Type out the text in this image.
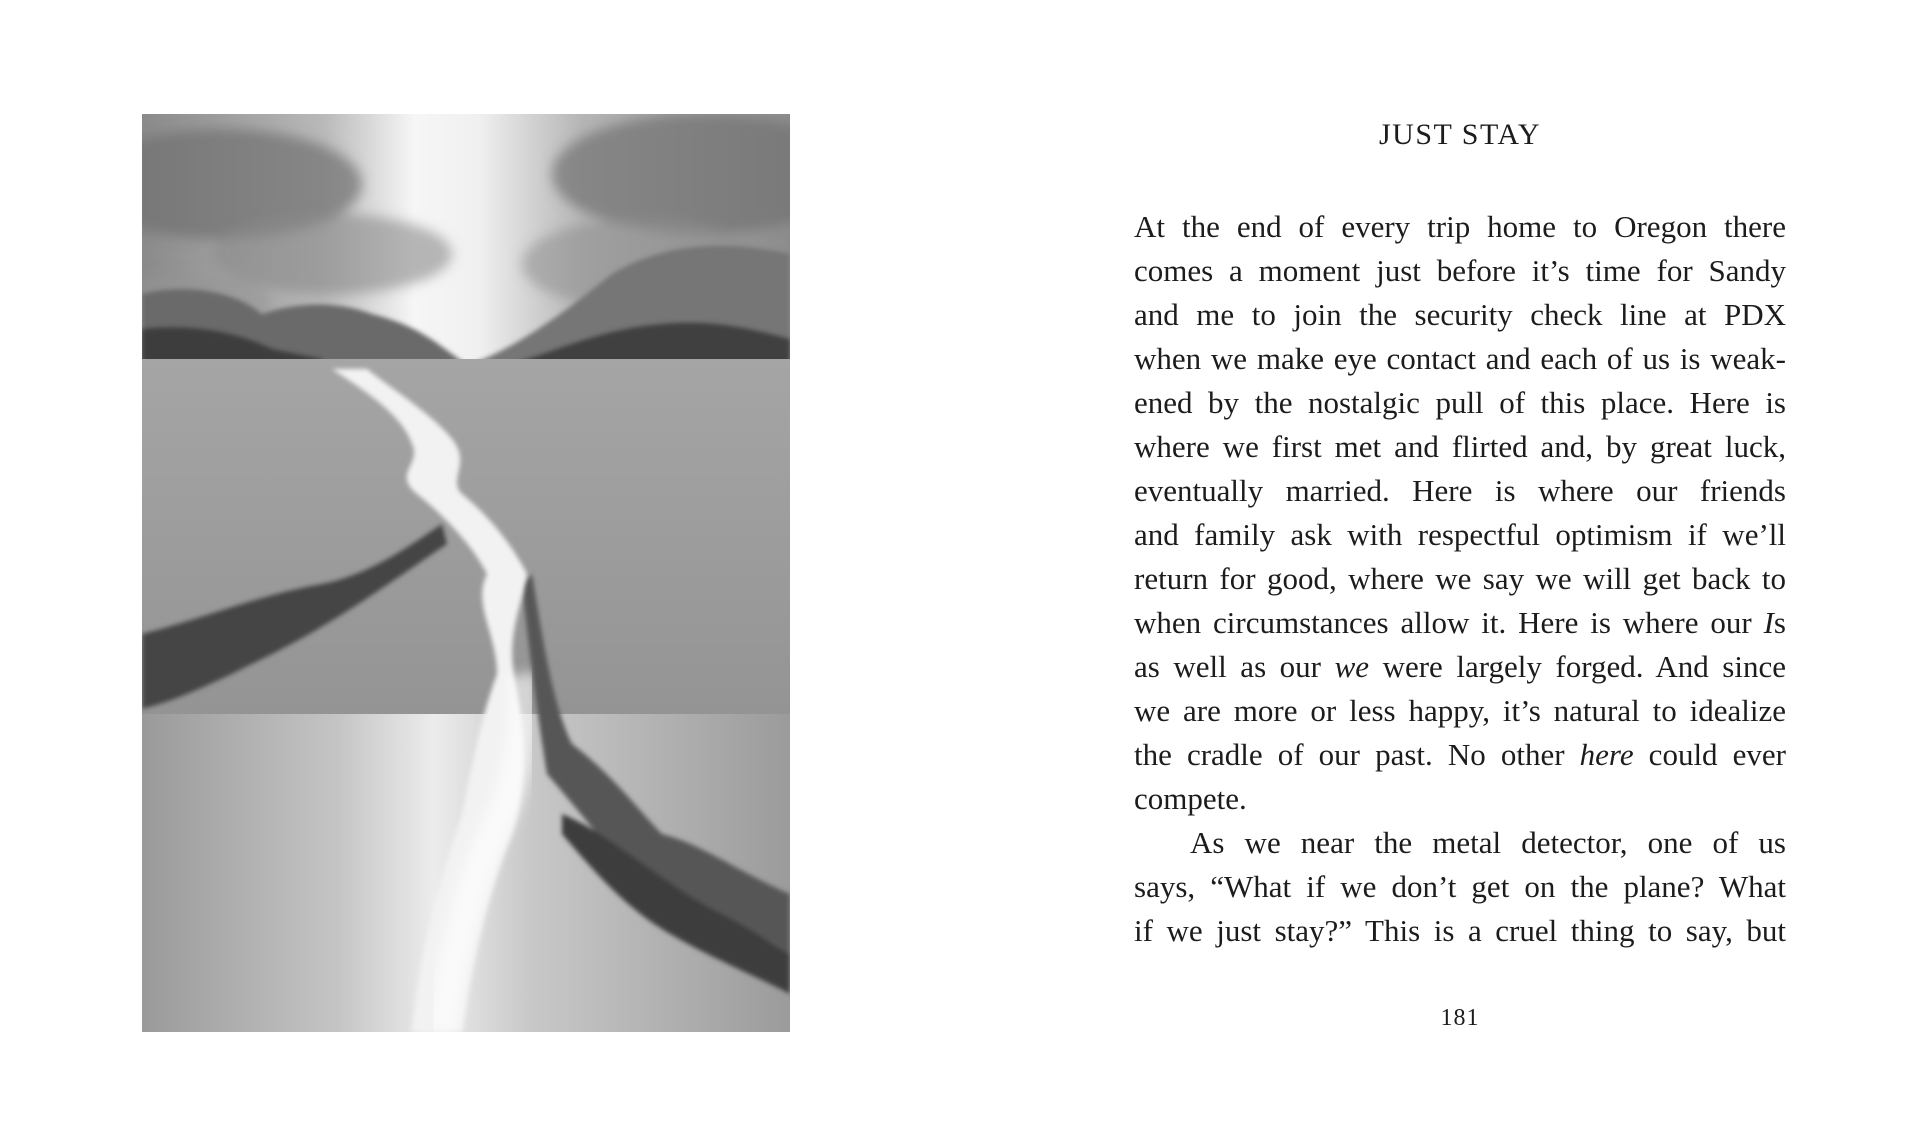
JUST STAY
At the end of every trip home to Oregon there
comes a moment just before it’s time for Sandy
and me to join the security check line at PDX
when we make eye contact and each of us is weak-
ened by the nostalgic pull of this place. Here is
where we first met and flirted and, by great luck,
eventually married. Here is where our friends
and family ask with respectful optimism if we’ll
return for good, where we say we will get back to
when circumstances allow it. Here is where our Is
as well as our we were largely forged. And since
we are more or less happy, it’s natural to idealize
the cradle of our past. No other here could ever
compete.
As we near the metal detector, one of us
says, “What if we don’t get on the plane? What
if we just stay?” This is a cruel thing to say, but
181
